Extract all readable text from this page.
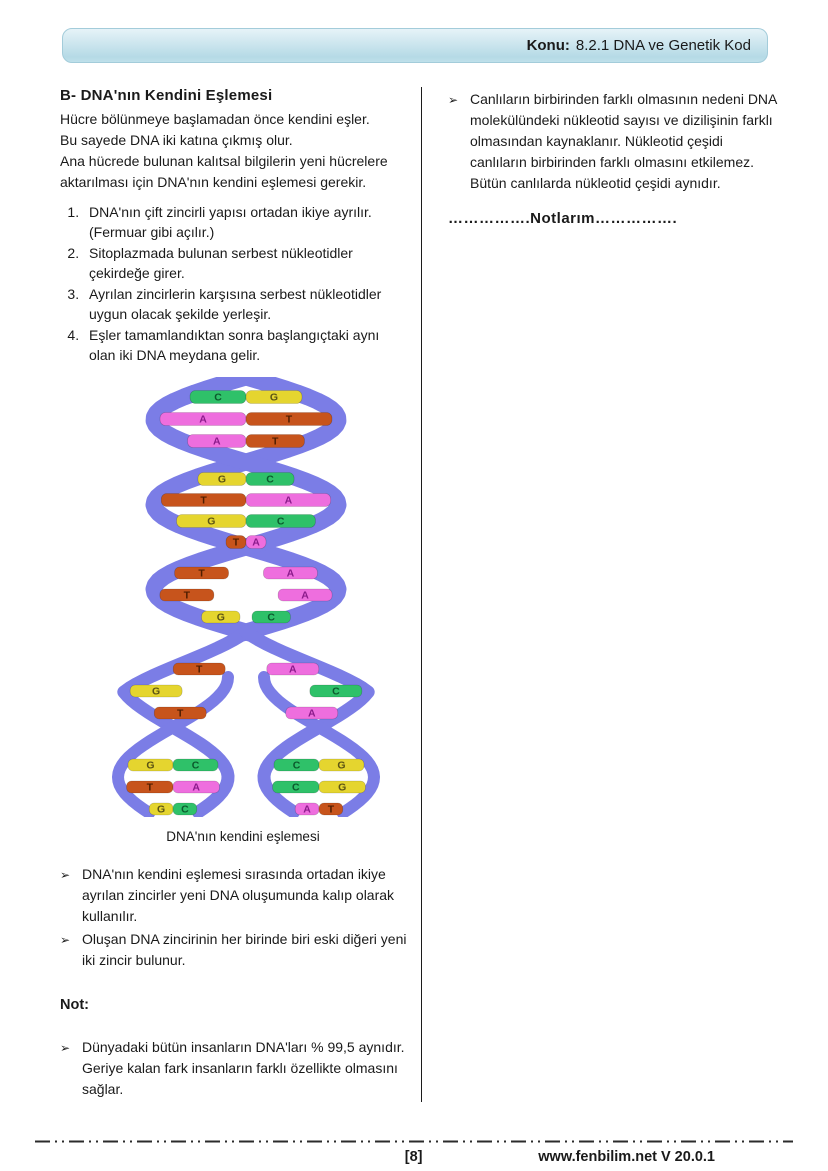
Konu: 8.2.1 DNA ve Genetik Kod
B- DNA'nın Kendini Eşlemesi
Hücre bölünmeye başlamadan önce kendini eşler.
Bu sayede DNA iki katına çıkmış olur.
Ana hücrede bulunan kalıtsal bilgilerin yeni hücrelere aktarılması için DNA'nın kendini eşlemesi gerekir.
1. DNA'nın çift zincirli yapısı ortadan ikiye ayrılır. (Fermuar gibi açılır.)
2. Sitoplazmada bulunan serbest nükleotidler çekirdeğe girer.
3. Ayrılan zincirlerin karşısına serbest nükleotidler uygun olacak şekilde yerleşir.
4. Eşler tamamlandıktan sonra başlangıçtaki aynı olan iki DNA meydana gelir.
C	G
A	T
A	T
G	C
T	A
G	C
T A
T
T
G
A
A
C
T
G
T
A
C
A
G	C
T	A
G C
C	G
C	G
A T
DNA'nın kendini eşlemesi
➢ DNA'nın kendini eşlemesi sırasında ortadan ikiye ayrılan zincirler yeni DNA oluşumunda kalıp olarak kullanılır.
➢ Oluşan DNA zincirinin her birinde biri eski diğeri yeni iki zincir bulunur.
Not:
➢ Dünyadaki bütün insanların DNA'ları % 99,5 aynıdır. Geriye kalan fark insanların farklı özellikte olmasını sağlar.
➢ Canlıların birbirinden farklı olmasının nedeni DNA molekülündeki nükleotid sayısı ve dizilişinin farklı olmasından kaynaklanır. Nükleotid çeşidi canlıların birbirinden farklı olmasını etkilemez. Bütün canlılarda nükleotid çeşidi aynıdır.
…………….Notlarım…………….
[8]	www.fenbilim.net V 20.0.1
